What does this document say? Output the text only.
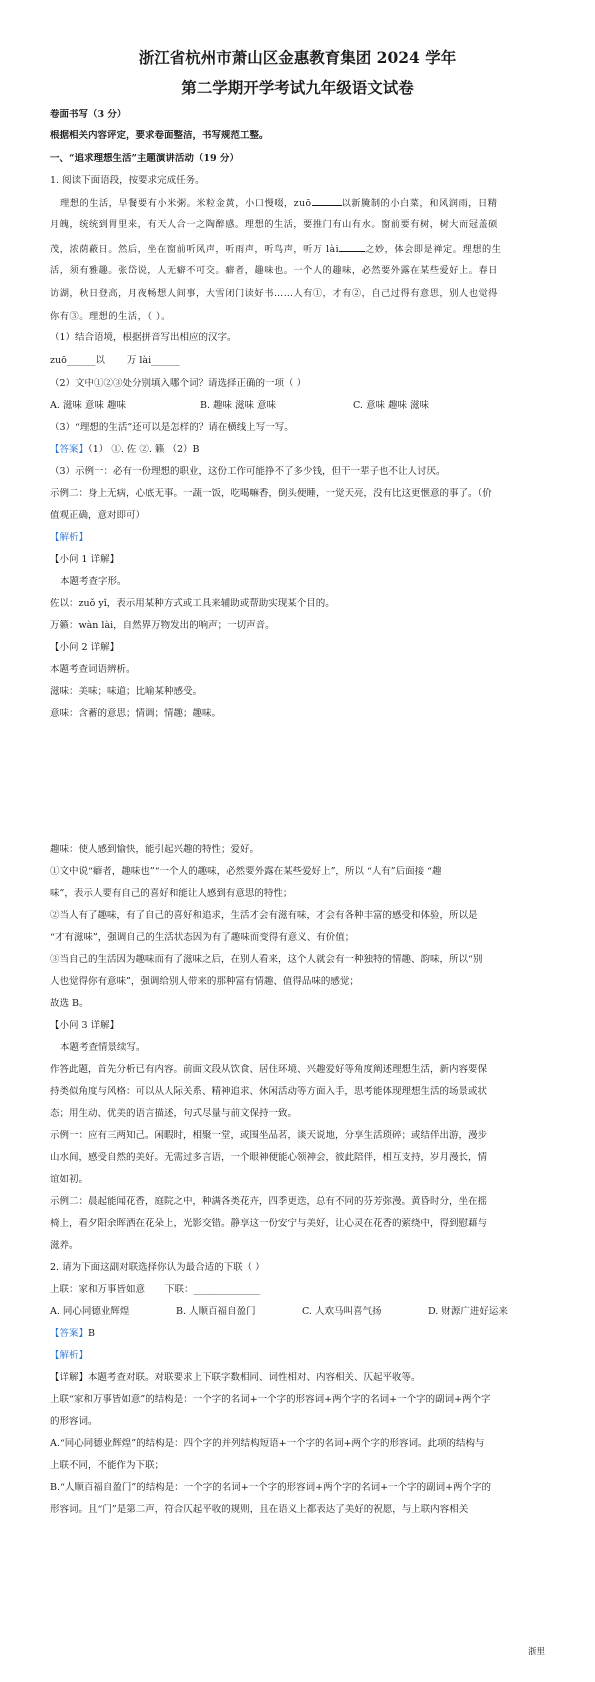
浙江省杭州市萧山区金惠教育集团 2024 学年
第二学期开学考试九年级语文试卷
卷面书写（3 分）
根据相关内容评定，要求卷面整洁，书写规范工整。
一、“追求理想生活”主题演讲活动（19 分）
1. 阅读下面语段，按要求完成任务。
理想的生活，早餐要有小米粥。米粒金黄，小口慢啜，zuō	以新腌制的小白菜，和风润雨，日精
月魄，统统到胃里来，有天人合一之陶醉感。理想的生活，要推门有山有水。窗前要有树，树大而冠盖硕
茂，浓荫蔽日。然后，坐在窗前听风声，听雨声，听鸟声，听万 lài	之妙，体会即是禅定。理想的生
活，须有雅趣。张岱说，人无癖不可交。癖者，趣味也。一个人的趣味，必然要外露在某些爱好上。春日
访湖，秋日登高，月夜畅想人间事，大雪闭门读好书……人有①，才有②，自己过得有意思，别人也觉得
你有③。理想的生活，（ ）。
（1）结合语境，根据拼音写出相应的汉字。
zuō______以 万 lài______
（2）文中①②③处分别填入哪个词？请选择正确的一项（ ）
A. 滋味 意味 趣味	B. 趣味 滋味 意味	C. 意味 趣味 滋味
（3）“理想的生活”还可以是怎样的？请在横线上写一写。
【答案】（1） ①. 佐 ②. 籁 （2）B
（3）示例一：必有一份理想的职业，这份工作可能挣不了多少钱，但干一辈子也不让人讨厌。
示例二：身上无病，心底无事。一蔬一饭，吃喝嘛香，倒头便睡，一觉天亮，没有比这更惬意的事了。（价
值观正确，意对即可）
【解析】
【小问 1 详解】
本题考查字形。
佐以：zuǒ yǐ，表示用某种方式或工具来辅助或帮助实现某个目的。
万籁：wàn lài，自然界万物发出的响声；一切声音。
【小问 2 详解】
本题考查词语辨析。
滋味：美味；味道；比喻某种感受。
意味：含蓄的意思；情调；情趣；趣味。
趣味：使人感到愉快，能引起兴趣的特性；爱好。
①文中说“癖者，趣味也”“一个人的趣味，必然要外露在某些爱好上”，所以 “人有”后面接 “趣
味”，表示人要有自己的喜好和能让人感到有意思的特性；
②当人有了趣味，有了自己的喜好和追求，生活才会有滋有味，才会有各种丰富的感受和体验，所以是
“才有滋味”，强调自己的生活状态因为有了趣味而变得有意义、有价值；
③当自己的生活因为趣味而有了滋味之后，在别人看来，这个人就会有一种独特的情趣、韵味，所以“别
人也觉得你有意味”，强调给别人带来的那种富有情趣、值得品味的感觉；
故选 B。
【小问 3 详解】
本题考查情景续写。
作答此题，首先分析已有内容。前面文段从饮食、居住环境、兴趣爱好等角度阐述理想生活，新内容要保
持类似角度与风格：可以从人际关系、精神追求、休闲活动等方面入手，思考能体现理想生活的场景或状
态；用生动、优美的语言描述，句式尽量与前文保持一致。
示例一：应有三两知己。闲暇时，相聚一堂，或围坐品茗，谈天说地，分享生活琐碎；或结伴出游，漫步
山水间，感受自然的美好。无需过多言语，一个眼神便能心领神会，彼此陪伴，相互支持，岁月漫长，情
谊如初。
示例二：晨起能闻花香，庭院之中，种满各类花卉，四季更迭，总有不同的芬芳弥漫。黄昏时分，坐在摇
椅上，看夕阳余晖洒在花朵上，光影交错。静享这一份安宁与美好，让心灵在花香的萦绕中，得到慰藉与
滋养。
2. 请为下面这副对联选择你认为最合适的下联（ ）
上联：家和万事皆如意 下联：______________
A. 同心同德业辉煌	B. 人顺百福自盈门	C. 人欢马叫喜气扬	D. 财源广进好运来
【答案】B
【解析】
【详解】本题考查对联。对联要求上下联字数相同、词性相对、内容相关、仄起平收等。
上联“家和万事皆如意”的结构是：一个字的名词+一个字的形容词+两个字的名词+一个字的副词+两个字
的形容词。
A.“同心同德业辉煌”的结构是：四个字的并列结构短语+一个字的名词+两个字的形容词。此项的结构与
上联不同，不能作为下联；
B.“人顺百福自盈门”的结构是：一个字的名词+一个字的形容词+两个字的名词+一个字的副词+两个字的
形容词。且“门”是第二声，符合仄起平收的规则，且在语义上都表达了美好的祝愿，与上联内容相关
浙里
